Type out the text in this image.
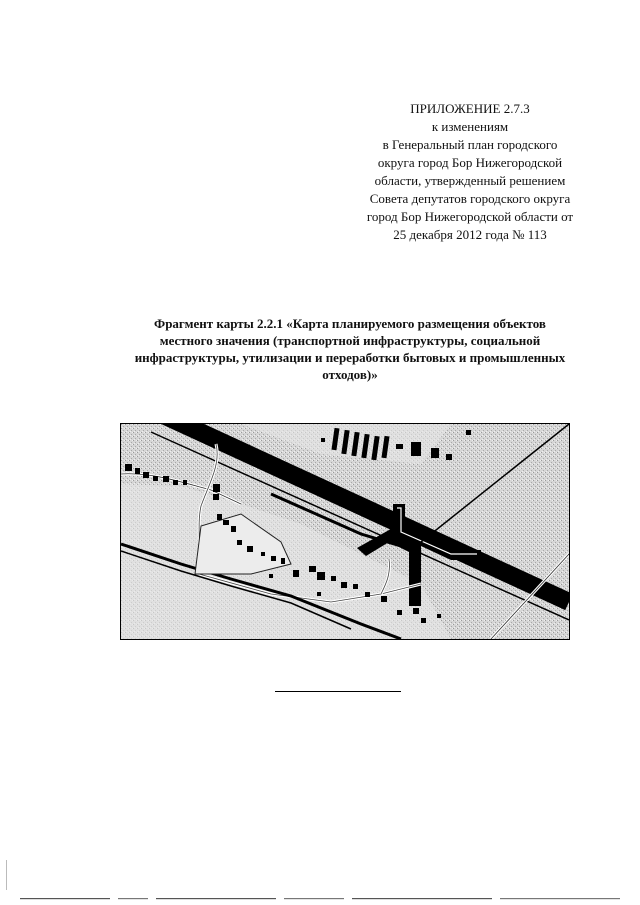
ПРИЛОЖЕНИЕ 2.7.3
к изменениям
в Генеральный план городского
округа город Бор Нижегородской
области, утвержденный решением
Совета депутатов городского округа
город Бор Нижегородской области от
25 декабря 2012 года № 113
Фрагмент карты 2.2.1 «Карта планируемого размещения объектов
местного значения (транспортной инфраструктуры, социальной
инфраструктуры, утилизации и переработки бытовых и промышленных
отходов)»
